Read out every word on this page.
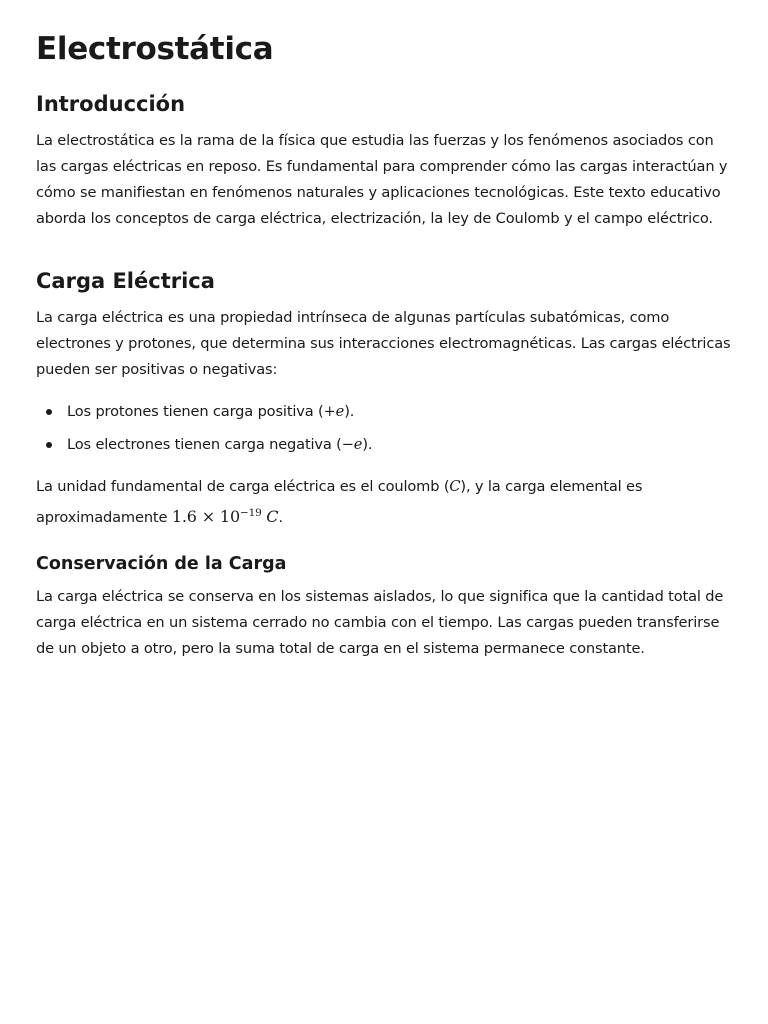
Electrostática
Introducción

La electrostática es la rama de la física que estudia las fuerzas y los fenómenos asociados con las cargas eléctricas en reposo. Es fundamental para comprender cómo las cargas interactúan y cómo se manifiestan en fenómenos naturales y aplicaciones tecnológicas. Este texto educativo aborda los conceptos de carga eléctrica, electrización, la ley de Coulomb y el campo eléctrico.

Carga Eléctrica

La carga eléctrica es una propiedad intrínseca de algunas partículas subatómicas, como electrones y protones, que determina sus interacciones electromagnéticas. Las cargas eléctricas pueden ser positivas o negativas:

Los protones tienen carga positiva (+e).
Los electrones tienen carga negativa (−e).

La unidad fundamental de carga eléctrica es el coulomb (C), y la carga elemental es aproximadamente $1.6 \times 10^{-19}$ C.

Conservación de la Carga

La carga eléctrica se conserva en los sistemas aislados, lo que significa que la cantidad total de carga eléctrica en un sistema cerrado no cambia con el tiempo. Las cargas pueden transferirse de un objeto a otro, pero la suma total de carga en el sistema permanece constante.
